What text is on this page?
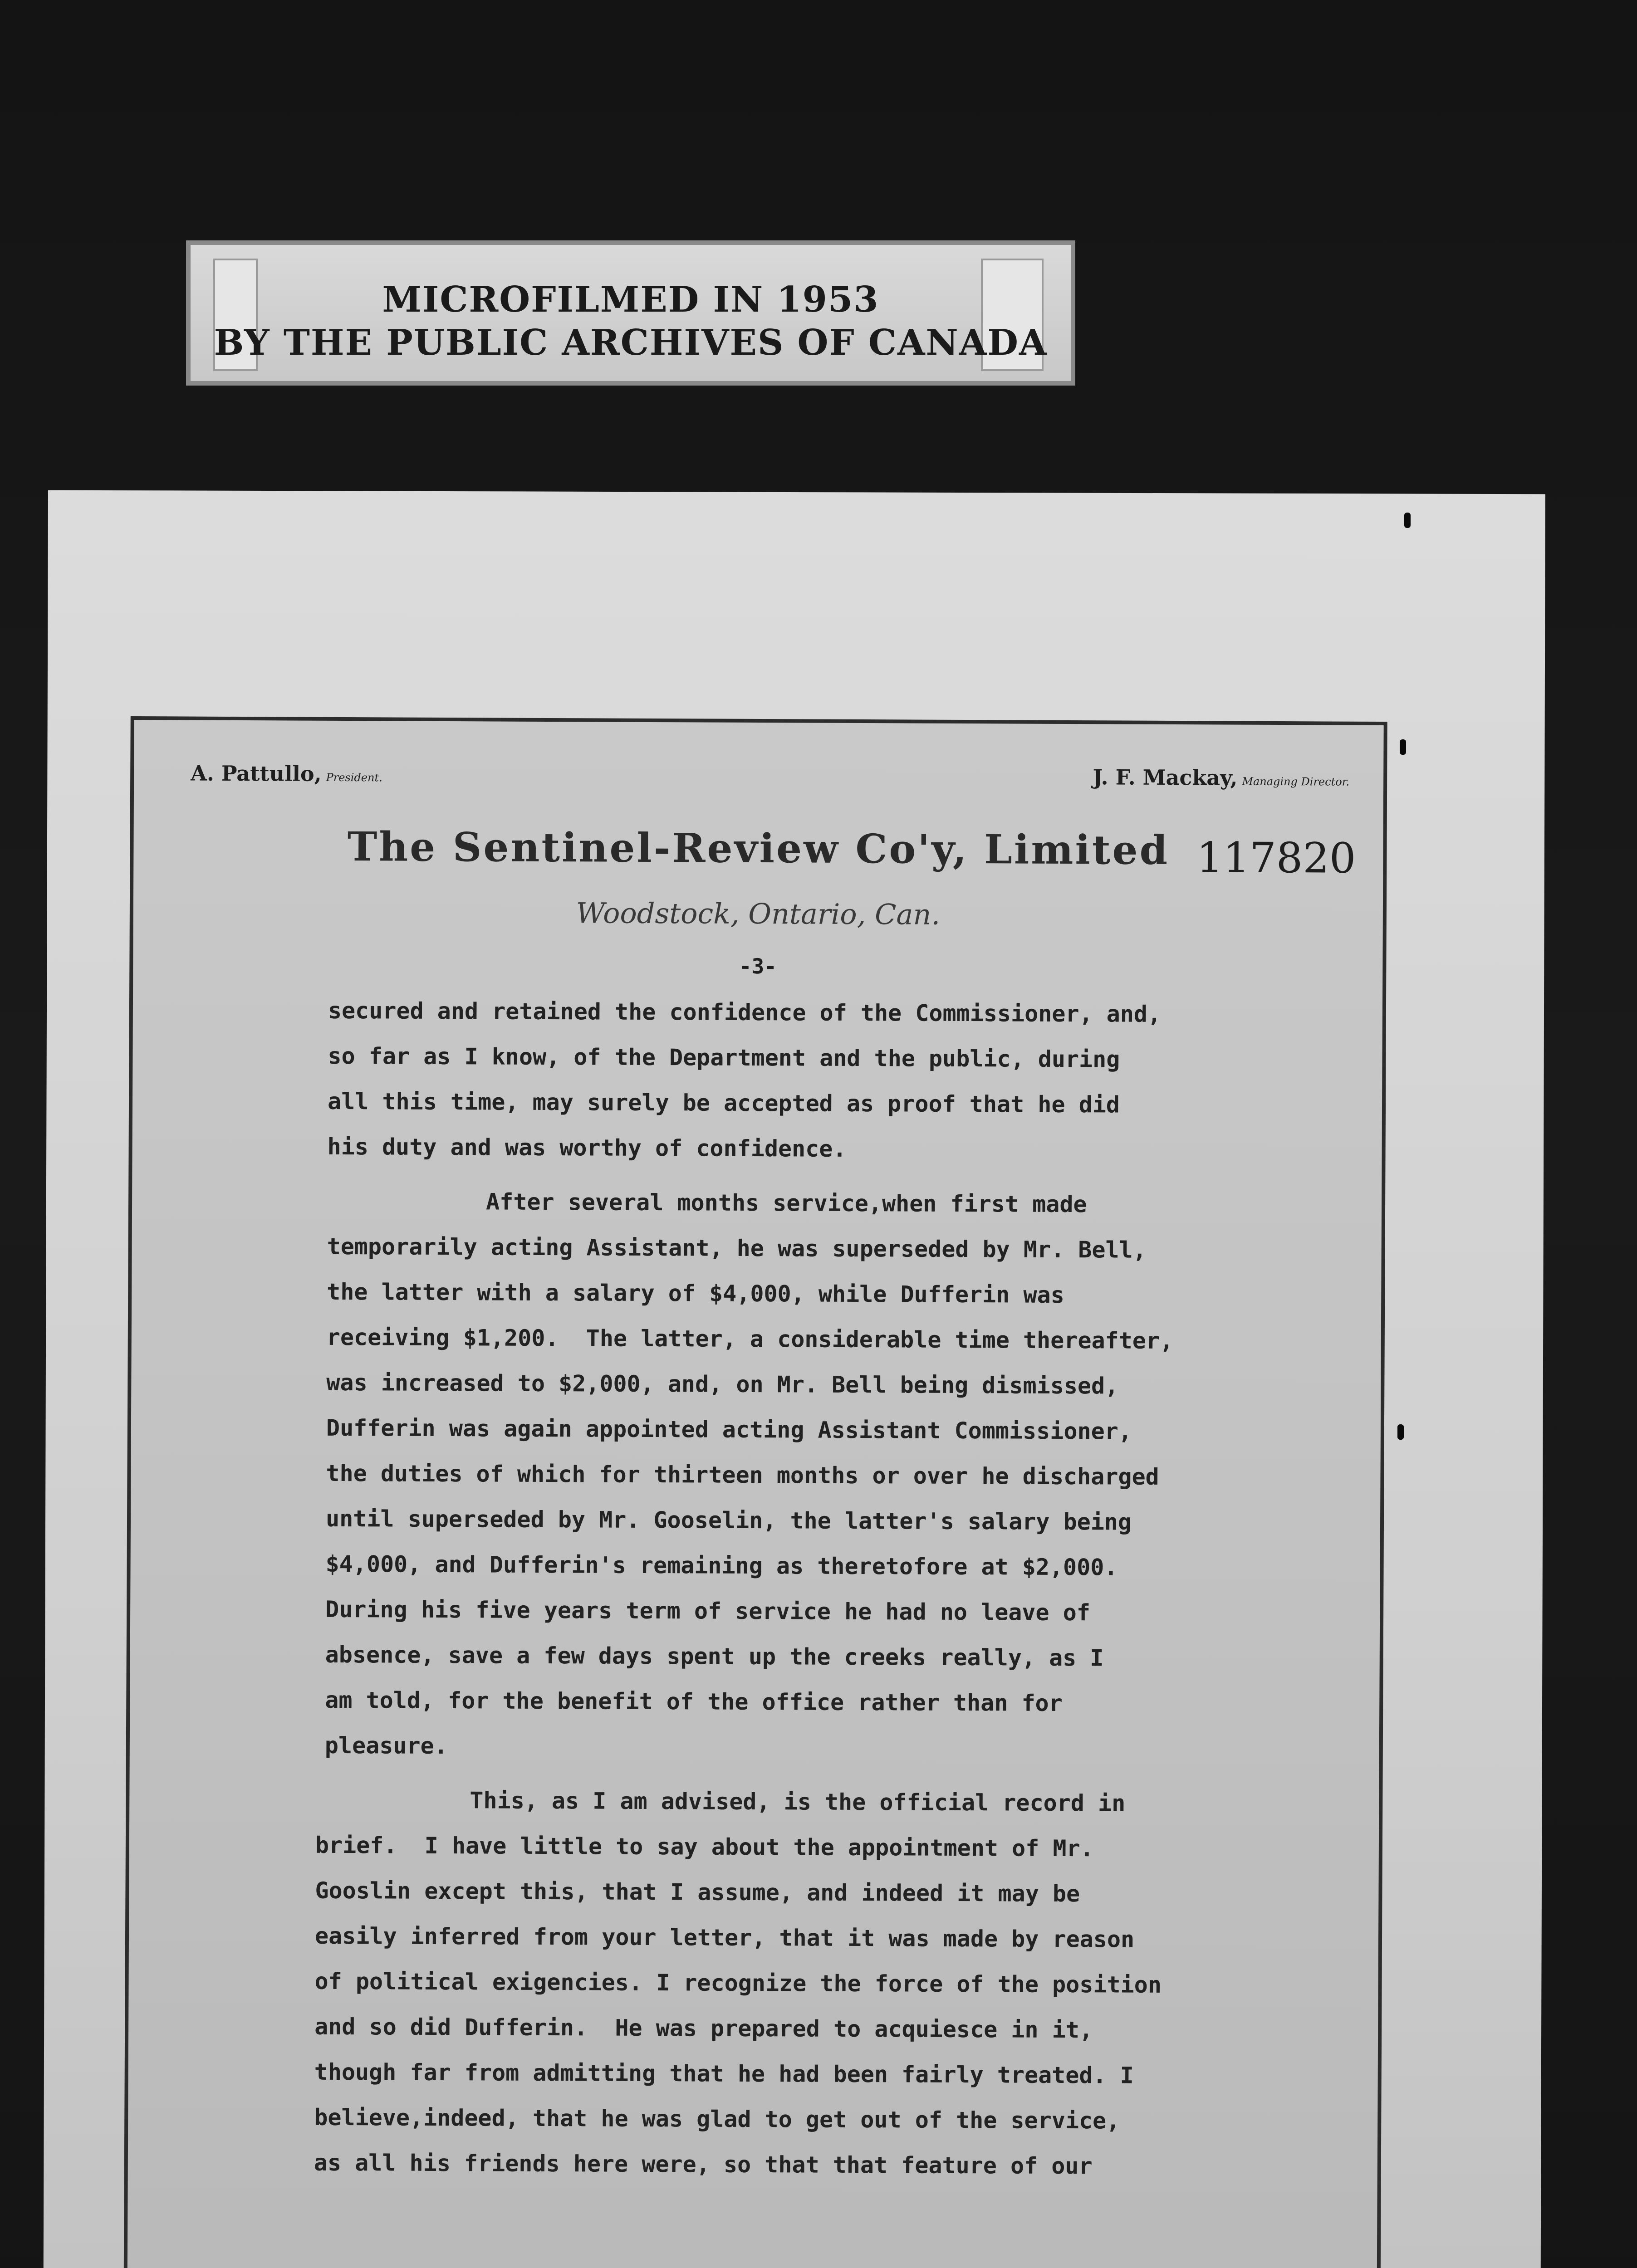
MICROFILMED IN 1953
BY THE PUBLIC ARCHIVES OF CANADA
A. Pattullo, President.	J. F. Mackay, Managing Director.
The Sentinel-Review Co'y, Limited 117820
Woodstock, Ontario, Can.
-3-
secured and retained the confidence of the Commissioner, and,
so far as I know, of the Department and the public, during
all this time, may surely be accepted as proof that he did
his duty and was worthy of confidence.
After several months service,when first made
temporarily acting Assistant, he was superseded by Mr. Bell,
the latter with a salary of $4,000, while Dufferin was
receiving $1,200.  The latter, a considerable time thereafter,
was increased to $2,000, and, on Mr. Bell being dismissed,
Dufferin was again appointed acting Assistant Commissioner,
the duties of which for thirteen months or over he discharged
until superseded by Mr. Gooselin, the latter's salary being
$4,000, and Dufferin's remaining as theretofore at $2,000.
During his five years term of service he had no leave of
absence, save a few days spent up the creeks really, as I
am told, for the benefit of the office rather than for
pleasure.
This, as I am advised, is the official record in
brief.  I have little to say about the appointment of Mr.
Gooslin except this, that I assume, and indeed it may be
easily inferred from your letter, that it was made by reason
of political exigencies. I recognize the force of the position
and so did Dufferin.  He was prepared to acquiesce in it,
though far from admitting that he had been fairly treated. I
believe,indeed, that he was glad to get out of the service,
as all his friends here were, so that that feature of our
